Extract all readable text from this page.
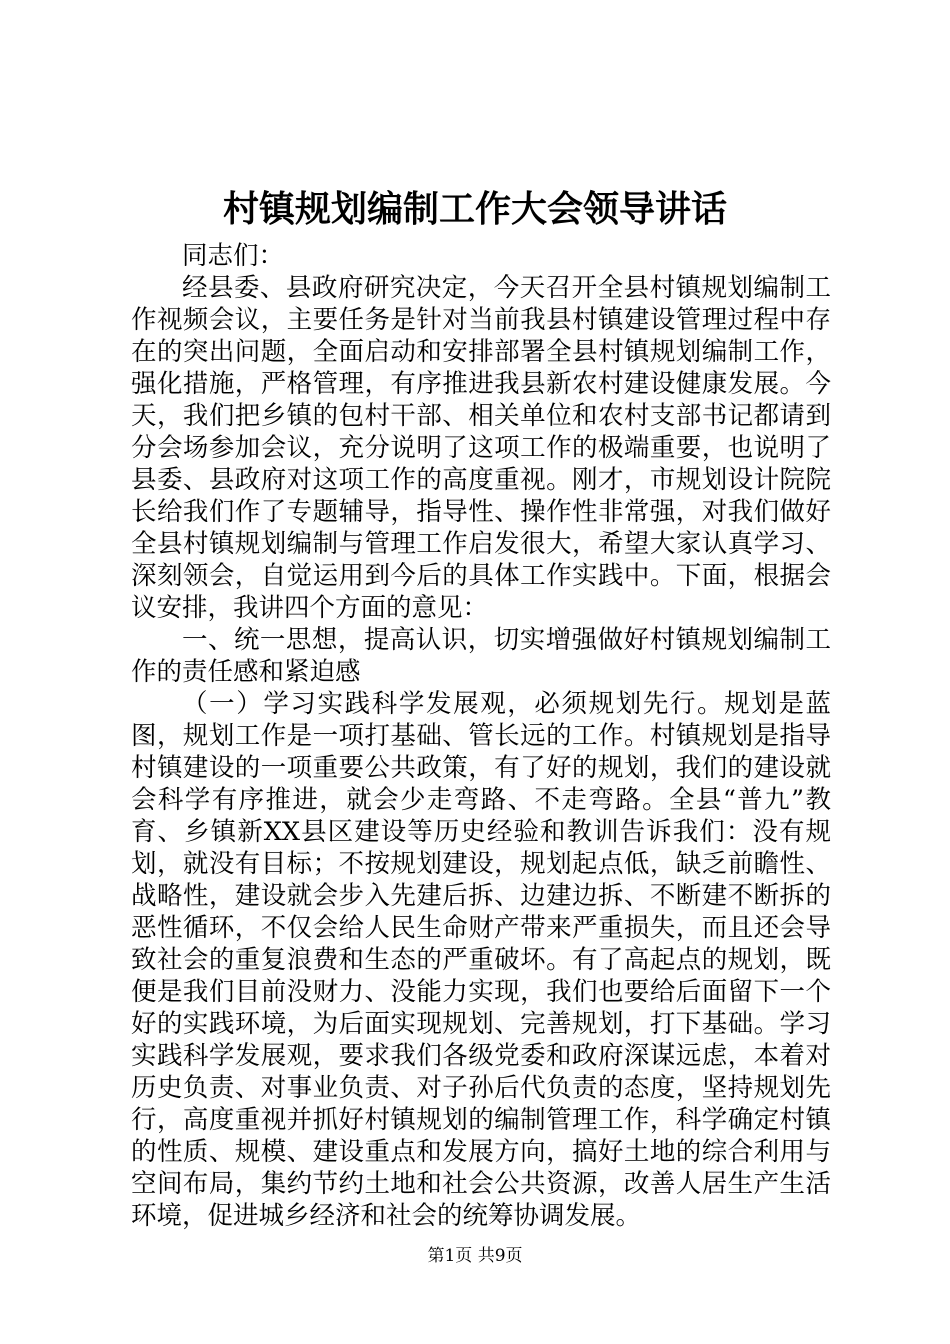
村镇规划编制工作大会领导讲话

同志们：

经县委、县政府研究决定，今天召开全县村镇规划编制工作视频会议，主要任务是针对当前我县村镇建设管理过程中存在的突出问题，全面启动和安排部署全县村镇规划编制工作，强化措施，严格管理，有序推进我县新农村建设健康发展。今天，我们把乡镇的包村干部、相关单位和农村支部书记都请到分会场参加会议，充分说明了这项工作的极端重要，也说明了县委、县政府对这项工作的高度重视。刚才，市规划设计院院长给我们作了专题辅导，指导性、操作性非常强，对我们做好全县村镇规划编制与管理工作启发很大，希望大家认真学习、深刻领会，自觉运用到今后的具体工作实践中。下面，根据会议安排，我讲四个方面的意见：

一、统一思想，提高认识，切实增强做好村镇规划编制工作的责任感和紧迫感

（一）学习实践科学发展观，必须规划先行。规划是蓝图，规划工作是一项打基础、管长远的工作。村镇规划是指导村镇建设的一项重要公共政策，有了好的规划，我们的建设就会科学有序推进，就会少走弯路、不走弯路。全县“普九”教育、乡镇新XX县区建设等历史经验和教训告诉我们：没有规划，就没有目标；不按规划建设，规划起点低，缺乏前瞻性、战略性，建设就会步入先建后拆、边建边拆、不断建不断拆的恶性循环，不仅会给人民生命财产带来严重损失，而且还会导致社会的重复浪费和生态的严重破坏。有了高起点的规划，既便是我们目前没财力、没能力实现，我们也要给后面留下一个好的实践环境，为后面实现规划、完善规划，打下基础。学习实践科学发展观，要求我们各级党委和政府深谋远虑，本着对历史负责、对事业负责、对子孙后代负责的态度，坚持规划先行，高度重视并抓好村镇规划的编制管理工作，科学确定村镇的性质、规模、建设重点和发展方向，搞好土地的综合利用与空间布局，集约节约土地和社会公共资源，改善人居生产生活环境，促进城乡经济和社会的统筹协调发展。

第1页 共9页
